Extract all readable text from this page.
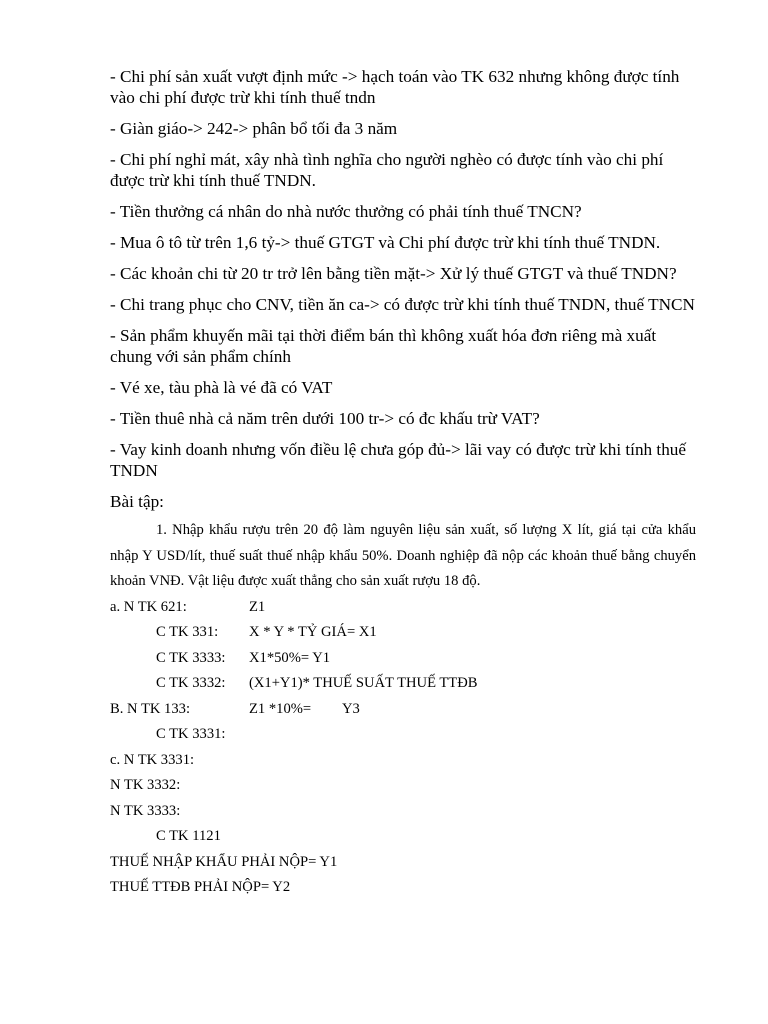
- Chi phí sản xuất vượt định mức -> hạch toán vào TK 632 nhưng không được tính vào chi phí được trừ khi tính thuế tndn

- Giàn giáo-> 242-> phân bổ tối đa 3 năm

- Chi phí nghỉ mát, xây nhà tình nghĩa cho người nghèo có được tính vào chi phí được trừ khi tính thuế TNDN.

- Tiền thưởng cá nhân do nhà nước thưởng có phải tính thuế TNCN?

- Mua ô tô từ trên 1,6 tỷ-> thuế GTGT và Chi phí được trừ khi tính thuế TNDN.

- Các khoản chi từ 20 tr trở lên bằng tiền mặt-> Xử lý thuế GTGT và thuế TNDN?

- Chi trang phục cho CNV, tiền ăn ca-> có được trừ khi tính thuế TNDN, thuế TNCN

- Sản phẩm khuyến mãi tại thời điểm bán thì không xuất hóa đơn riêng mà xuất chung với sản phẩm chính

- Vé xe, tàu phà là vé đã có VAT

- Tiền thuê nhà cả năm trên dưới 100 tr-> có đc khấu trừ VAT?

- Vay kinh doanh nhưng vốn điều lệ chưa góp đủ-> lãi vay có được trừ khi tính thuế TNDN

Bài tập:

1. Nhập khẩu rượu trên 20 độ làm nguyên liệu sản xuất, số lượng X lít, giá tại cửa khẩu nhập Y USD/lít, thuế suất thuế nhập khẩu 50%. Doanh nghiệp đã nộp các khoản thuế bằng chuyển khoản VNĐ. Vật liệu được xuất thẳng cho sản xuất rượu 18 độ.

a. N TK 621:	Z1
C TK 331: X * Y * TỶ GIÁ= X1
C TK 3333: X1*50%= Y1
C TK 3332: (X1+Y1)* THUẾ SUẤT THUẾ TTĐB
B. N TK 133:	Z1 *10%= Y3
C TK 3331:
c. N TK 3331:
N TK 3332:
N TK 3333:
C TK 1121
THUẾ NHẬP KHẨU PHẢI NỘP= Y1
THUẾ TTĐB PHẢI NỘP= Y2
